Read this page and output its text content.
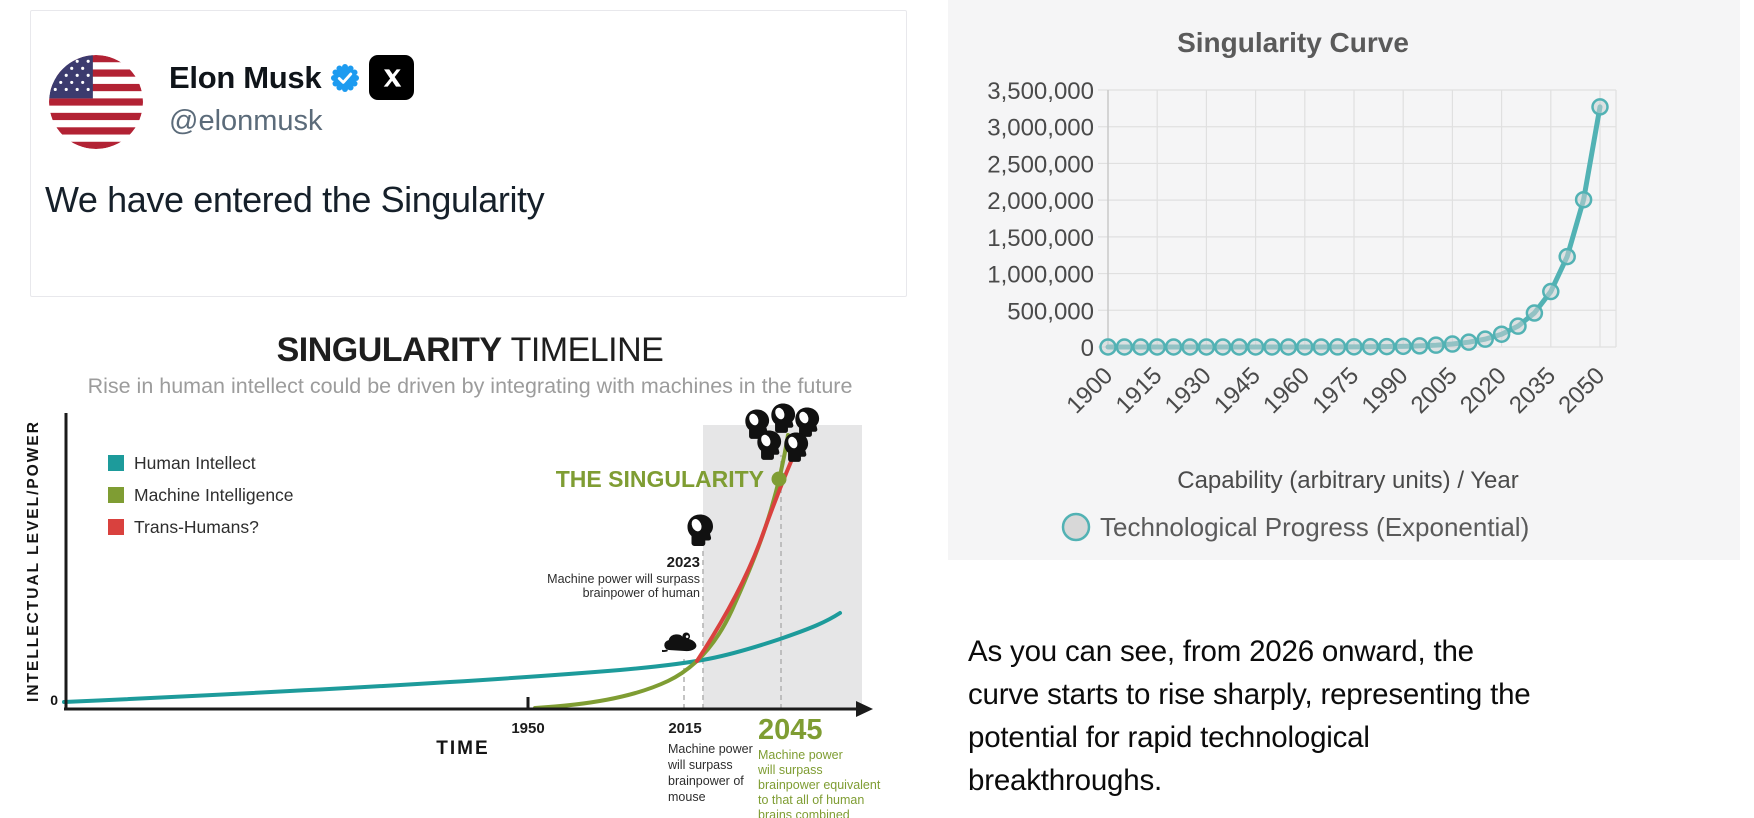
Elon Musk
@elonmusk
We have entered the Singularity
SINGULARITY TIMELINE
Rise in human intellect could be driven by integrating with machines in the future
Human Intellect
Machine Intelligence
Trans-Humans?
INTELLECTUAL LEVEL/POWER 0
TIME
THE SINGULARITY
2023
Machine power will surpass
brainpower of human
1950	2015
Machine power
will surpass
brainpower of
mouse
2045
Machine power
will surpass
brainpower equivalent
to that all of human
brains combined
Singularity Curve
0
500,000
1,000,000
1,500,000
2,000,000
2,500,000
3,000,000
3,500,000
1900
1915
1930
1945
1960
1975
1990
2005
2020
2035
2050
Capability (arbitrary units) / Year
Technological Progress (Exponential)
As you can see, from 2026 onward, the
curve starts to rise sharply, representing the
potential for rapid technological
breakthroughs.
